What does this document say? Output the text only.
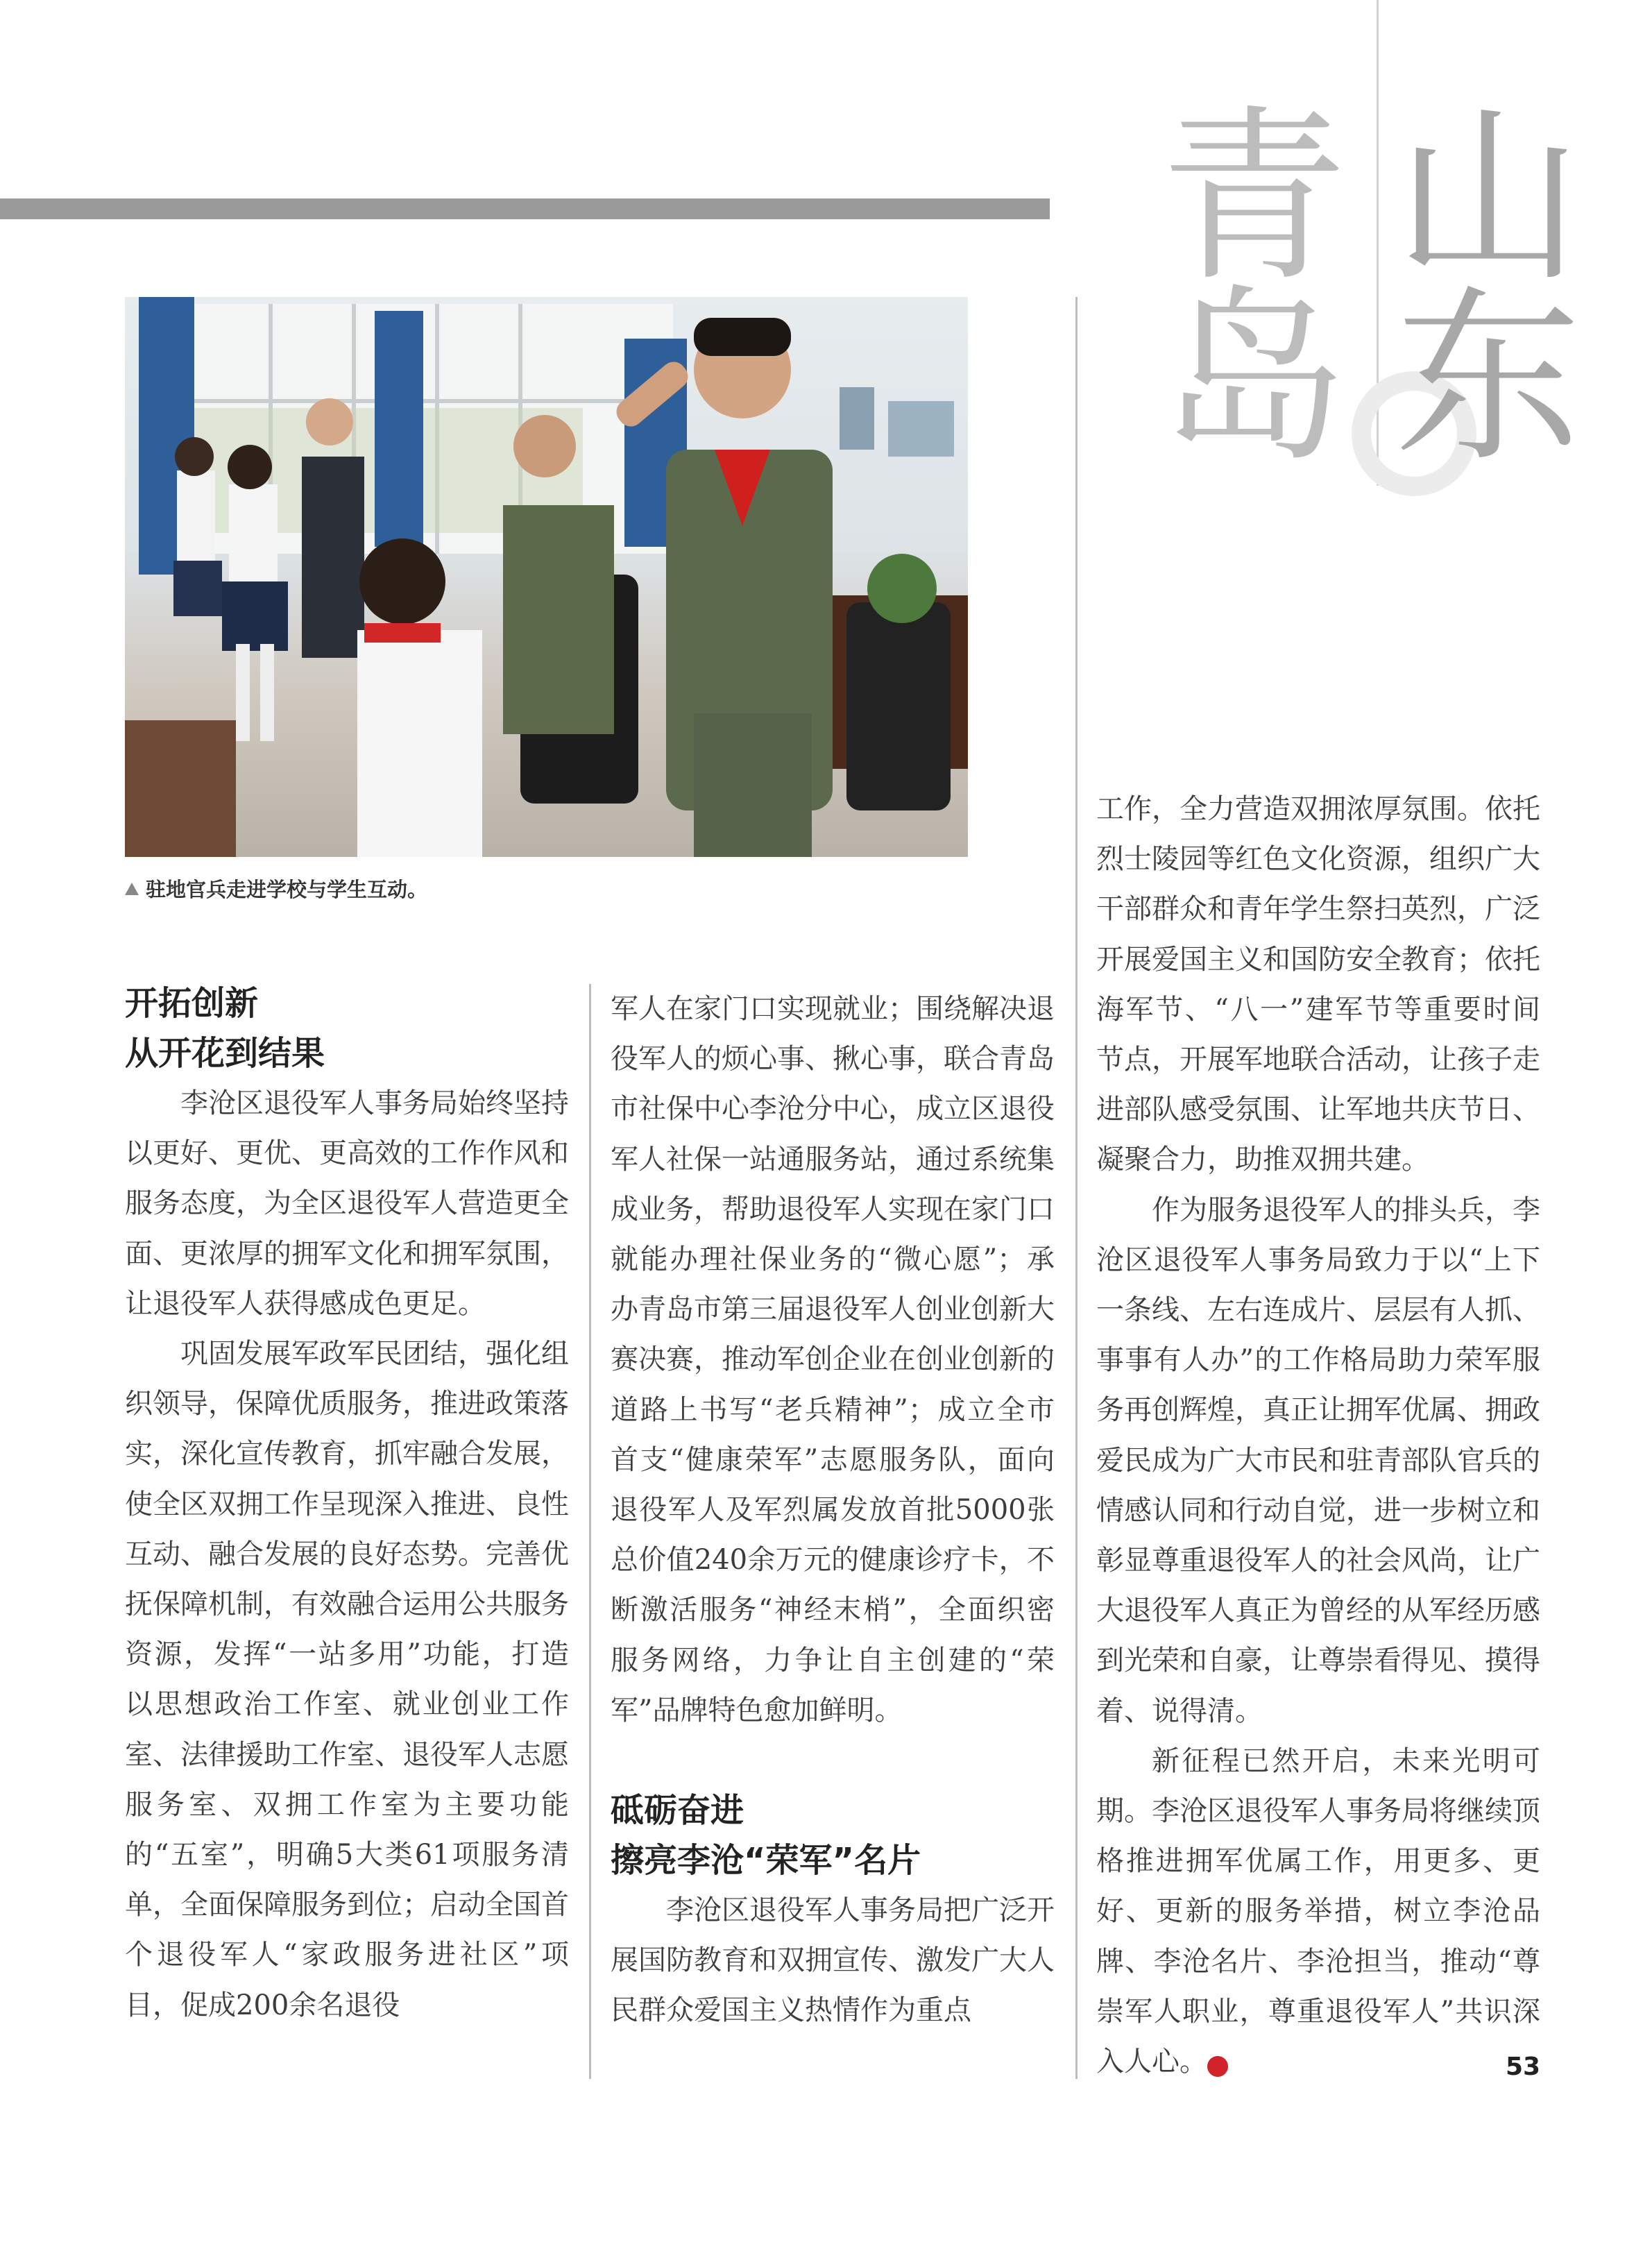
青
岛
山
东
驻地官兵走进学校与学生互动。
开拓创新
从开花到结果

李沧区退役军人事务局始终坚持以更好、更优、更高效的工作作风和服务态度，为全区退役军人营造更全面、更浓厚的拥军文化和拥军氛围，让退役军人获得感成色更足。

巩固发展军政军民团结，强化组织领导，保障优质服务，推进政策落实，深化宣传教育，抓牢融合发展，使全区双拥工作呈现深入推进、良性互动、融合发展的良好态势。完善优抚保障机制，有效融合运用公共服务资源，发挥“一站多用”功能，打造以思想政治工作室、就业创业工作室、法律援助工作室、退役军人志愿服务室、双拥工作室为主要功能的“五室”，明确5大类61项服务清单，全面保障服务到位；启动全国首个退役军人“家政服务进社区”项目，促成200余名退役

军人在家门口实现就业；围绕解决退役军人的烦心事、揪心事，联合青岛市社保中心李沧分中心，成立区退役军人社保一站通服务站，通过系统集成业务，帮助退役军人实现在家门口就能办理社保业务的“微心愿”；承办青岛市第三届退役军人创业创新大赛决赛，推动军创企业在创业创新的道路上书写“老兵精神”；成立全市首支“健康荣军”志愿服务队，面向退役军人及军烈属发放首批5000张总价值240余万元的健康诊疗卡，不断激活服务“神经末梢”，全面织密服务网络，力争让自主创建的“荣军”品牌特色愈加鲜明。

砥砺奋进
擦亮李沧“荣军”名片

李沧区退役军人事务局把广泛开展国防教育和双拥宣传、激发广大人民群众爱国主义热情作为重点

工作，全力营造双拥浓厚氛围。依托烈士陵园等红色文化资源，组织广大干部群众和青年学生祭扫英烈，广泛开展爱国主义和国防安全教育；依托海军节、“八一”建军节等重要时间节点，开展军地联合活动，让孩子走进部队感受氛围、让军地共庆节日、凝聚合力，助推双拥共建。

作为服务退役军人的排头兵，李沧区退役军人事务局致力于以“上下一条线、左右连成片、层层有人抓、事事有人办”的工作格局助力荣军服务再创辉煌，真正让拥军优属、拥政爱民成为广大市民和驻青部队官兵的情感认同和行动自觉，进一步树立和彰显尊重退役军人的社会风尚，让广大退役军人真正为曾经的从军经历感到光荣和自豪，让尊崇看得见、摸得着、说得清。

新征程已然开启，未来光明可期。李沧区退役军人事务局将继续顶格推进拥军优属工作，用更多、更好、更新的服务举措，树立李沧品牌、李沧名片、李沧担当，推动“尊崇军人职业，尊重退役军人”共识深入人心。	N	53
